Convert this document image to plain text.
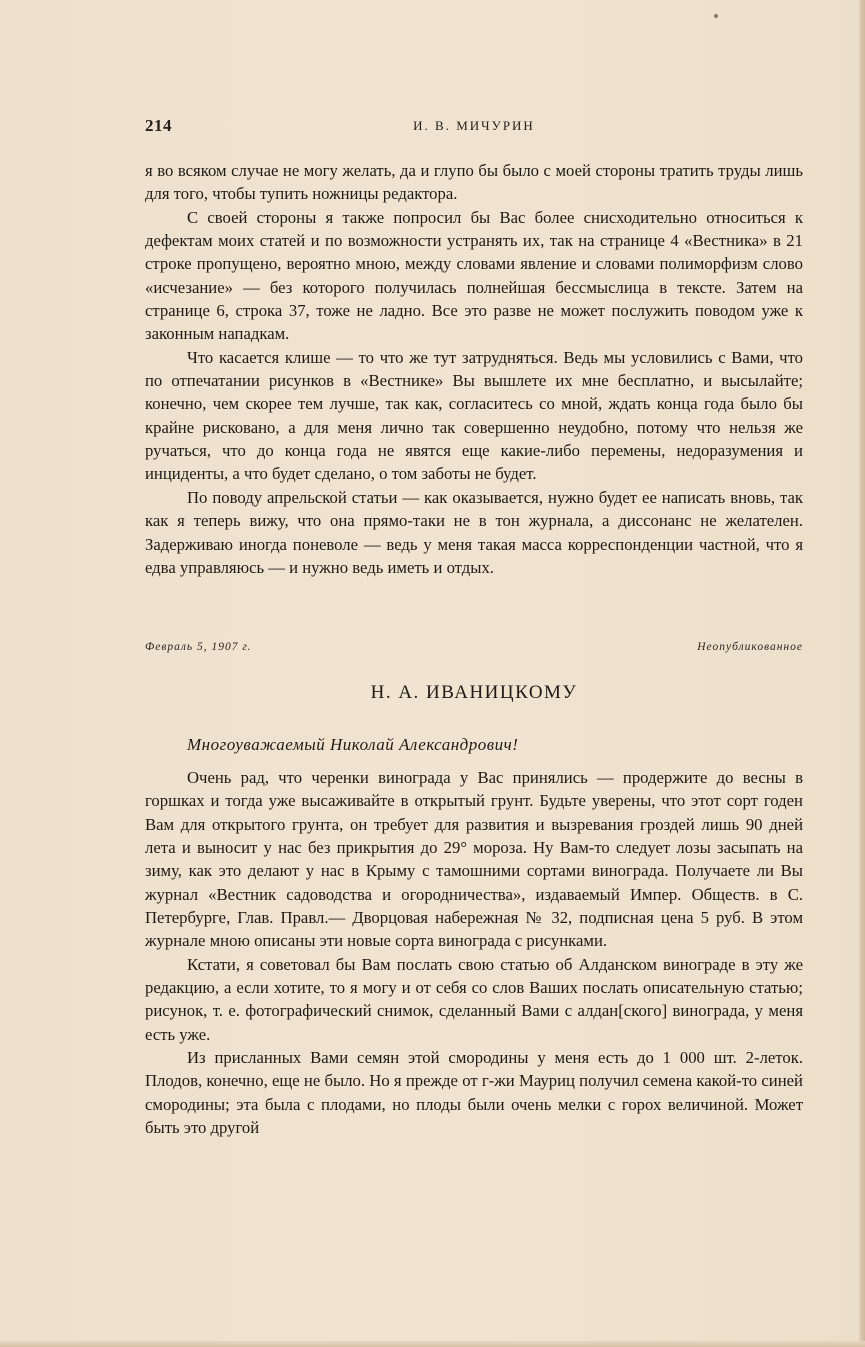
214	И. В. МИЧУРИН

я во всяком случае не могу желать, да и глупо бы было с моей стороны тратить труды лишь для того, чтобы тупить ножницы редактора.

С своей стороны я также попросил бы Вас более снисходительно относиться к дефектам моих статей и по возможности устранять их, так на странице 4 «Вестника» в 21 строке пропущено, вероятно мною, между словами явление и словами полиморфизм слово «исчезание» — без которого получилась полнейшая бессмыслица в тексте. Затем на странице 6, строка 37, тоже не ладно. Все это разве не может послужить поводом уже к законным нападкам.

Что касается клише — то что же тут затрудняться. Ведь мы условились с Вами, что по отпечатании рисунков в «Вестнике» Вы вышлете их мне бесплатно, и высылайте; конечно, чем скорее тем лучше, так как, согласитесь со мной, ждать конца года было бы крайне рисковано, а для меня лично так совершенно неудобно, потому что нельзя же ручаться, что до конца года не явятся еще какие-либо перемены, недоразумения и инциденты, а что будет сделано, о том заботы не будет.

По поводу апрельской статьи — как оказывается, нужно будет ее написать вновь, так как я теперь вижу, что она прямо-таки не в тон журнала, а диссонанс не желателен. Задерживаю иногда поневоле — ведь у меня такая масса корреспонденции частной, что я едва управляюсь — и нужно ведь иметь и отдых.

Февраль 5, 1907 г.	Неопубликованное
Н. А. ИВАНИЦКОМУ
Многоуважаемый Николай Александрович!

Очень рад, что черенки винограда у Вас принялись — продержите до весны в горшках и тогда уже высаживайте в открытый грунт. Будьте уверены, что этот сорт годен Вам для открытого грунта, он требует для развития и вызревания гроздей лишь 90 дней лета и выносит у нас без прикрытия до 29° мороза. Ну Вам-то следует лозы засыпать на зиму, как это делают у нас в Крыму с тамошними сортами винограда. Получаете ли Вы журнал «Вестник садоводства и огородничества», издаваемый Импер. Обществ. в С. Петербурге, Глав. Правл.— Дворцовая набережная № 32, подписная цена 5 руб. В этом журнале мною описаны эти новые сорта винограда с рисунками.

Кстати, я советовал бы Вам послать свою статью об Алданском винограде в эту же редакцию, а если хотите, то я могу и от себя со слов Ваших послать описательную статью; рисунок, т. е. фотографический снимок, сделанный Вами с алдан[ского] винограда, у меня есть уже.

Из присланных Вами семян этой смородины у меня есть до 1 000 шт. 2-леток. Плодов, конечно, еще не было. Но я прежде от г-жи Мауриц получил семена какой-то синей смородины; эта была с плодами, но плоды были очень мелки с горох величиной. Может быть это другой
